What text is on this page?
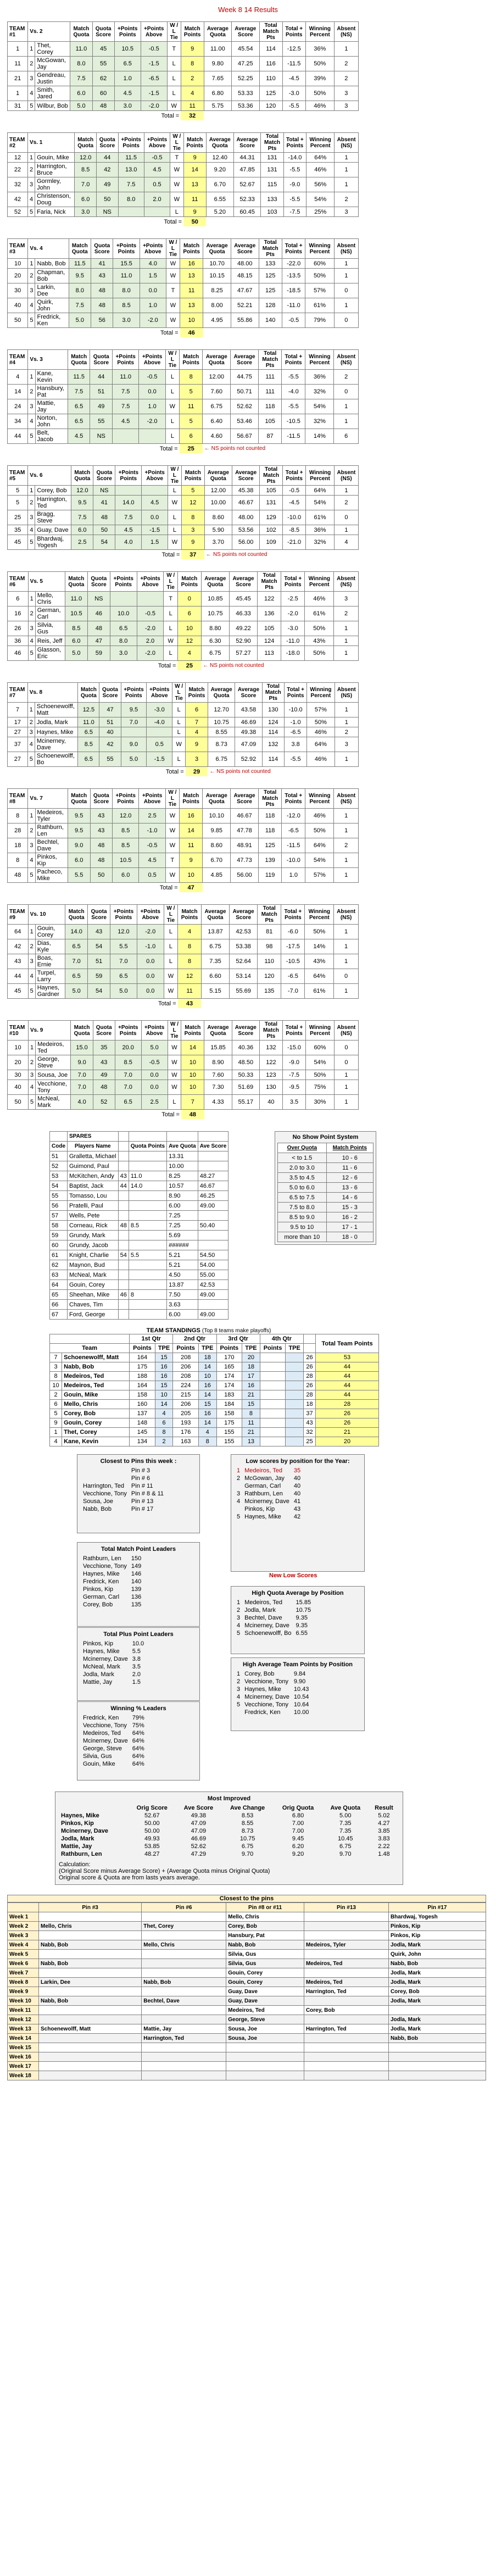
Week 8 14 Results
TEAM #1	Vs. 2		Match Quota	Quota Score	+Points Points	+Points Above	W / L Tie	Match Points	Average Quota	Average Score	Total Match Pts	Total + Points	Winning Percent	Absent (NS)
1	1	Thet, Corey	11.0	45	10.5	-0.5	T	9	11.00	45.54	114	-12.5	36%	1
11	2	McGowan, Jay	8.0	55	6.5	-1.5	L	8	9.80	47.25	116	-11.5	50%	2
21	3	Gendreau, Justin	7.5	62	1.0	-6.5	L	2	7.65	52.25	110	-4.5	39%	2
1	4	Smith, Jared	6.0	60	4.5	-1.5	L	4	6.80	53.33	125	-3.0	50%	3
31	5	Wilbur, Bob	5.0	48	3.0	-2.0	W	11	5.75	53.36	120	-5.5	46%	3
Total =								32						
TEAM #2	Vs. 1		Match Quota	Quota Score	+Points Points	+Points Above	W / L Tie	Match Points	Average Quota	Average Score	Total Match Pts	Total + Points	Winning Percent	Absent (NS)
12	1	Gouin, Mike	12.0	44	11.5	-0.5	T	9	12.40	44.31	131	-14.0	64%	1
22	2	Harrington, Bruce	8.5	42	13.0	4.5	W	14	9.20	47.85	131	-5.5	46%	1
32	3	Gormley, John	7.0	49	7.5	0.5	W	13	6.70	52.67	115	-9.0	56%	1
42	4	Christenson, Doug	6.0	50	8.0	2.0	W	11	6.55	52.33	133	-5.5	54%	2
52	5	Faria, Nick	3.0	NS			L	9	5.20	60.45	103	-7.5	25%	3
Total =								50						
TEAM #3	Vs. 4		Match Quota	Quota Score	+Points Points	+Points Above	W / L Tie	Match Points	Average Quota	Average Score	Total Match Pts	Total + Points	Winning Percent	Absent (NS)
10	1	Nabb, Bob	11.5	41	15.5	4.0	W	16	10.70	48.00	133	-22.0	60%	1
20	2	Chapman, Bob	9.5	43	11.0	1.5	W	13	10.15	48.15	125	-13.5	50%	1
30	3	Larkin, Dee	8.0	48	8.0	0.0	T	11	8.25	47.67	125	-18.5	57%	0
40	4	Quirk, John	7.5	48	8.5	1.0	W	13	8.00	52.21	128	-11.0	61%	1
50	5	Fredrick, Ken	5.0	56	3.0	-2.0	W	10	4.95	55.86	140	-0.5	79%	0
Total =								46						
TEAM #4	Vs. 3		Match Quota	Quota Score	+Points Points	+Points Above	W / L Tie	Match Points	Average Quota	Average Score	Total Match Pts	Total + Points	Winning Percent	Absent (NS)
4	1	Kane, Kevin	11.5	44	11.0	-0.5	L	8	12.00	44.75	111	-5.5	36%	2
14	2	Hansbury, Pat	7.5	51	7.5	0.0	L	5	7.60	50.71	111	-4.0	32%	0
24	3	Mattie, Jay	6.5	49	7.5	1.0	W	11	6.75	52.62	118	-5.5	54%	1
34	4	Norton, John	6.5	55	4.5	-2.0	L	5	6.40	53.46	105	-10.5	32%	1
44	5	Belt, Jacob	4.5	NS			L	6	4.60	56.67	87	-11.5	14%	6
Total =								25	← NS points not counted					
TEAM #5	Vs. 6		Match Quota	Quota Score	+Points Points	+Points Above	W / L Tie	Match Points	Average Quota	Average Score	Total Match Pts	Total + Points	Winning Percent	Absent (NS)
5	1	Corey, Bob	12.0	NS			L	5	12.00	45.38	105	-0.5	64%	1
5	2	Harrington, Ted	9.5	41	14.0	4.5	W	12	10.00	46.67	131	-4.5	54%	2
25	3	Bragg, Steve	7.5	48	7.5	0.0	L	8	8.60	48.00	129	-10.0	61%	0
35	4	Guay, Dave	6.0	50	4.5	-1.5	L	3	5.90	53.56	102	-8.5	36%	1
45	5	Bhardwaj, Yogesh	2.5	54	4.0	1.5	W	9	3.70	56.00	109	-21.0	32%	4
Total =								37	← NS points not counted					
TEAM #6	Vs. 5		Match Quota	Quota Score	+Points Points	+Points Above	W / L Tie	Match Points	Average Quota	Average Score	Total Match Pts	Total + Points	Winning Percent	Absent (NS)
6	1	Mello, Chris	11.0	NS			T	0	10.85	45.45	122	-2.5	46%	3
16	2	German, Carl	10.5	46	10.0	-0.5	L	6	10.75	46.33	136	-2.0	61%	2
26	3	Silvia, Gus	8.5	48	6.5	-2.0	L	10	8.80	49.22	105	-3.0	50%	1
36	4	Reis, Jeff	6.0	47	8.0	2.0	W	12	6.30	52.90	124	-11.0	43%	1
46	5	Glasson, Eric	5.0	59	3.0	-2.0	L	4	6.75	57.27	113	-18.0	50%	1
Total =								25	← NS points not counted					
TEAM #7	Vs. 8		Match Quota	Quota Score	+Points Points	+Points Above	W / L Tie	Match Points	Average Quota	Average Score	Total Match Pts	Total + Points	Winning Percent	Absent (NS)
7	1	Schoenewolff, Matt	12.5	47	9.5	-3.0	L	6	12.70	43.58	130	-10.0	57%	1
17	2	Jodla, Mark	11.0	51	7.0	-4.0	L	7	10.75	46.69	124	-1.0	50%	1
27	3	Haynes, Mike	6.5	40			L	4	8.55	49.38	114	-6.5	46%	2
37	4	Mcinerney, Dave	8.5	42	9.0	0.5	W	9	8.73	47.09	132	3.8	64%	3
27	5	Schoenewolff, Bo	6.5	55	5.0	-1.5	L	3	6.75	52.92	114	-5.5	46%	1
Total =								29	← NS points not counted					
TEAM #8	Vs. 7		Match Quota	Quota Score	+Points Points	+Points Above	W / L Tie	Match Points	Average Quota	Average Score	Total Match Pts	Total + Points	Winning Percent	Absent (NS)
8	1	Medeiros, Tyler	9.5	43	12.0	2.5	W	16	10.10	46.67	118	-12.0	46%	1
28	2	Rathburn, Len	9.5	43	8.5	-1.0	W	14	9.85	47.78	118	-6.5	50%	1
18	3	Bechtel, Dave	9.0	48	8.5	-0.5	W	11	8.60	48.91	125	-11.5	64%	2
8	4	Pinkos, Kip	6.0	48	10.5	4.5	T	9	6.70	47.73	139	-10.0	54%	1
48	5	Pacheco, Mike	5.5	50	6.0	0.5	W	10	4.85	56.00	119	1.0	57%	1
Total =								47						
TEAM #9	Vs. 10		Match Quota	Quota Score	+Points Points	+Points Above	W / L Tie	Match Points	Average Quota	Average Score	Total Match Pts	Total + Points	Winning Percent	Absent (NS)
64	1	Gouin, Corey	14.0	43	12.0	-2.0	L	4	13.87	42.53	81	-6.0	50%	1
42	2	Dias, Kyle	6.5	54	5.5	-1.0	L	8	6.75	53.38	98	-17.5	14%	1
43	3	Boas, Ernie	7.0	51	7.0	0.0	L	8	7.35	52.64	110	-10.5	43%	1
44	4	Turpel, Larry	6.5	59	6.5	0.0	W	12	6.60	53.14	120	-6.5	64%	0
45	5	Haynes, Gardner	5.0	54	5.0	0.0	W	11	5.15	55.69	135	-7.0	61%	1
Total =								43						
TEAM #10	Vs. 9		Match Quota	Quota Score	+Points Points	+Points Above	W / L Tie	Match Points	Average Quota	Average Score	Total Match Pts	Total + Points	Winning Percent	Absent (NS)
10	1	Medeiros, Ted	15.0	35	20.0	5.0	W	14	15.85	40.36	132	-15.0	60%	0
20	2	George, Steve	9.0	43	8.5	-0.5	W	10	8.90	48.50	122	-9.0	54%	0
30	3	Sousa, Joe	7.0	49	7.0	0.0	W	10	7.60	50.33	123	-7.5	50%	1
40	4	Vecchione, Tony	7.0	48	7.0	0.0	W	10	7.30	51.69	130	-9.5	75%	1
50	5	McNeal, Mark	4.0	52	6.5	2.5	L	7	4.33	55.17	40	3.5	30%	1
Total =								48						
	SPARES				
Code	Players Name		Quota Points	Ave Quota	Ave Score
51	Gralletta, Michael			13.31	
52	Guimond, Paul			10.00	
53	McKitchen, Andy	43	11.0	8.25	48.27
54	Baptist, Jack	44	14.0	10.57	46.67
55	Tomasso, Lou			8.90	46.25
56	Pratelli, Paul			6.00	49.00
57	Wells, Pete			7.25	
58	Corneau, Rick	48	8.5	7.25	50.40
59	Grundy, Mark			5.69	
60	Grundy, Jacob			######	
61	Knight, Charlie	54	5.5	5.21	54.50
62	Maynon, Bud			5.21	54.00
63	McNeal, Mark			4.50	55.00
64	Gouin, Corey			13.87	42.53
65	Sheehan, Mike	46	8	7.50	49.00
66	Chaves, Tim			3.63	
67	Ford, George			6.00	49.00
No Show Point System
Over Quota	Match Points
< to 1.5	10 - 6
2.0 to 3.0	11 - 6
3.5 to 4.5	12 - 6
5.0 to 6.0	13 - 6
6.5 to 7.5	14 - 6
7.5 to 8.0	15 - 3
8.5 to 9.0	16 - 2
9.5 to 10	17 - 1
more than 10	18 - 0
TEAM STANDINGS (Top 8 teams make playoffs)
		1st Qtr		2nd Qtr		3rd Qtr		4th Qtr			Total Team Points
Team		Points	TPE	Points	TPE	Points	TPE	Points	TPE		
7	Schoenewolff, Matt	164	15	208	18	170	20			26	53
3	Nabb, Bob	175	16	206	14	165	18			26	44
8	Medeiros, Ted	188	16	208	10	174	17			28	44
10	Medeiros, Ted	164	15	224	16	174	16			26	44
2	Gouin, Mike	158	10	215	14	183	21			28	44
6	Mello, Chris	160	14	206	15	184	15			18	28
5	Corey, Bob	137	4	205	16	158	8			37	26
9	Gouin, Corey	148	6	193	14	175	11			43	26
1	Thet, Corey	145	8	176	4	155	21			32	21
4	Kane, Kevin	134	2	163	8	155	13			25	20
Closest to Pins this week :
	Pin # 3
	Pin # 6
Harrington, Ted	Pin # 11
Vecchione, Tony	Pin # 8 & 11
Sousa, Joe	Pin # 13
Nabb, Bob	Pin # 17
Low scores by position for the Year:
1	Medeiros, Ted	35
2	McGowan, Jay	40
	German, Carl	40
3	Rathburn, Len	40
4	Mcinerney, Dave	41
	Pinkos, Kip	43
5	Haynes, Mike	42
Total Match Point Leaders
Rathburn, Len	150
Vecchione, Tony	149
Haynes, Mike	146
Fredrick, Ken	140
Pinkos, Kip	139
German, Carl	136
Corey, Bob	135
New Low Scores
Total Plus Point Leaders
Pinkos, Kip	10.0
Haynes, Mike	5.5
Mcinerney, Dave	3.8
McNeal, Mark	3.5
Jodla, Mark	2.0
Mattie, Jay	1.5
High Quota Average by Position
1	Medeiros, Ted	15.85
2	Jodla, Mark	10.75
3	Bechtel, Dave	9.35
4	Mcinerney, Dave	9.35
5	Schoenewolff, Bo	6.55
Winning % Leaders
Fredrick, Ken	79%
Vecchione, Tony	75%
Medeiros, Ted	64%
Mcinerney, Dave	64%
George, Steve	64%
Silvia, Gus	64%
Gouin, Mike	64%
High Average Team Points by Position
1	Corey, Bob	9.84
2	Vecchione, Tony	9.90
3	Haynes, Mike	10.43
4	Mcinerney, Dave	10.54
5	Vecchione, Tony	10.64
	Fredrick, Ken	10.00
Most Improved
	Orig Score	Ave Score	Ave Change	Orig Quota	Ave Quota	Result
Haynes, Mike	52.67	49.38	8.53	6.80	5.00	5.02
Pinkos, Kip	50.00	47.09	8.55	7.00	7.35	4.27
Mcinerney, Dave	50.00	47.09	8.73	7.00	7.35	3.85
Jodla, Mark	49.93	46.69	10.75	9.45	10.45	3.83
Mattie, Jay	53.85	52.62	6.75	6.20	6.75	2.22
Rathburn, Len	48.27	47.29	9.70	9.20	9.70	1.48
Calculation:
(Original Score minus Average Score) + (Average Quota minus Original Quota)
Original score & Quota are from lasts years average.
Closest to the pins
	Pin #3	Pin #6	Pin #8 or #11	Pin #13	Pin #17
Week 1			Mello, Chris		Bhardwaj, Yogesh
Week 2	Mello, Chris	Thet, Corey	Corey, Bob		Pinkos, Kip
Week 3			Hansbury, Pat		Pinkos, Kip
Week 4	Nabb, Bob	Mello, Chris	Nabb, Bob	Medeiros, Tyler	Jodla, Mark
Week 5			Silvia, Gus		Quirk, John
Week 6	Nabb, Bob		Silvia, Gus	Medeiros, Ted	Nabb, Bob
Week 7			Gouin, Corey		Jodla, Mark
Week 8	Larkin, Dee	Nabb, Bob	Gouin, Corey	Medeiros, Ted	Jodla, Mark
Week 9			Guay, Dave	Harrington, Ted	Corey, Bob
Week 10	Nabb, Bob	Bechtel, Dave	Guay, Dave		Jodla, Mark
Week 11			Medeiros, Ted	Corey, Bob	
Week 12			George, Steve		Jodla, Mark
Week 13	Schoenewolff, Matt	Mattie, Jay	Sousa, Joe	Harrington, Ted	Jodla, Mark
Week 14		Harrington, Ted	Sousa, Joe		Nabb, Bob
Week 15					
Week 16					
Week 17					
Week 18					
